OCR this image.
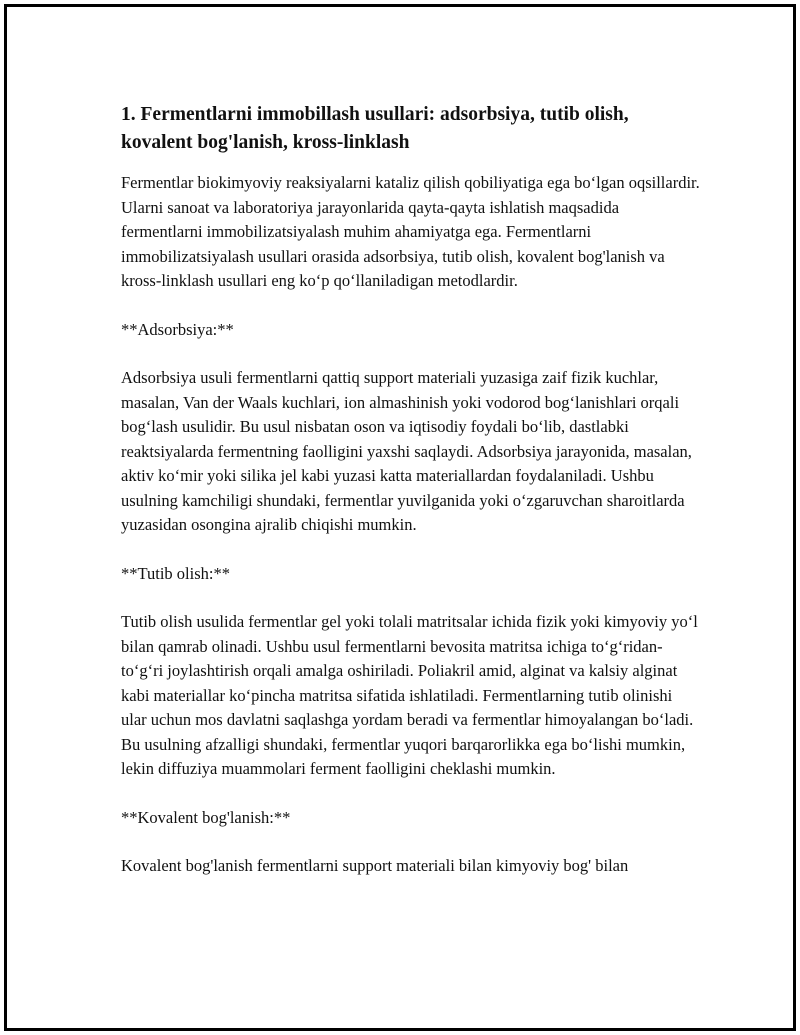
1. Fermentlarni immobillash usullari: adsorbsiya, tutib olish, kovalent bog'lanish, kross-linklash
Fermentlar biokimyoviy reaksiyalarni kataliz qilish qobiliyatiga ega bo‘lgan oqsillardir. Ularni sanoat va laboratoriya jarayonlarida qayta-qayta ishlatish maqsadida fermentlarni immobilizatsiyalash muhim ahamiyatga ega. Fermentlarni immobilizatsiyalash usullari orasida adsorbsiya, tutib olish, kovalent bog'lanish va kross-linklash usullari eng ko‘p qo‘llaniladigan metodlardir.
**Adsorbsiya:**
Adsorbsiya usuli fermentlarni qattiq support materiali yuzasiga zaif fizik kuchlar, masalan, Van der Waals kuchlari, ion almashinish yoki vodorod bog‘lanishlari orqali bog‘lash usulidir. Bu usul nisbatan oson va iqtisodiy foydali bo‘lib, dastlabki reaktsiyalarda fermentning faolligini yaxshi saqlaydi. Adsorbsiya jarayonida, masalan, aktiv ko‘mir yoki silika jel kabi yuzasi katta materiallardan foydalaniladi. Ushbu usulning kamchiligi shundaki, fermentlar yuvilganida yoki o‘zgaruvchan sharoitlarda yuzasidan osongina ajralib chiqishi mumkin.
**Tutib olish:**
Tutib olish usulida fermentlar gel yoki tolali matritsalar ichida fizik yoki kimyoviy yo‘l bilan qamrab olinadi. Ushbu usul fermentlarni bevosita matritsa ichiga to‘g‘ridan-to‘g‘ri joylashtirish orqali amalga oshiriladi. Poliakril amid, alginat va kalsiy alginat kabi materiallar ko‘pincha matritsa sifatida ishlatiladi. Fermentlarning tutib olinishi ular uchun mos davlatni saqlashga yordam beradi va fermentlar himoyalangan bo‘ladi. Bu usulning afzalligi shundaki, fermentlar yuqori barqarorlikka ega bo‘lishi mumkin, lekin diffuziya muammolari ferment faolligini cheklashi mumkin.
**Kovalent bog'lanish:**
Kovalent bog'lanish fermentlarni support materiali bilan kimyoviy bog' bilan
